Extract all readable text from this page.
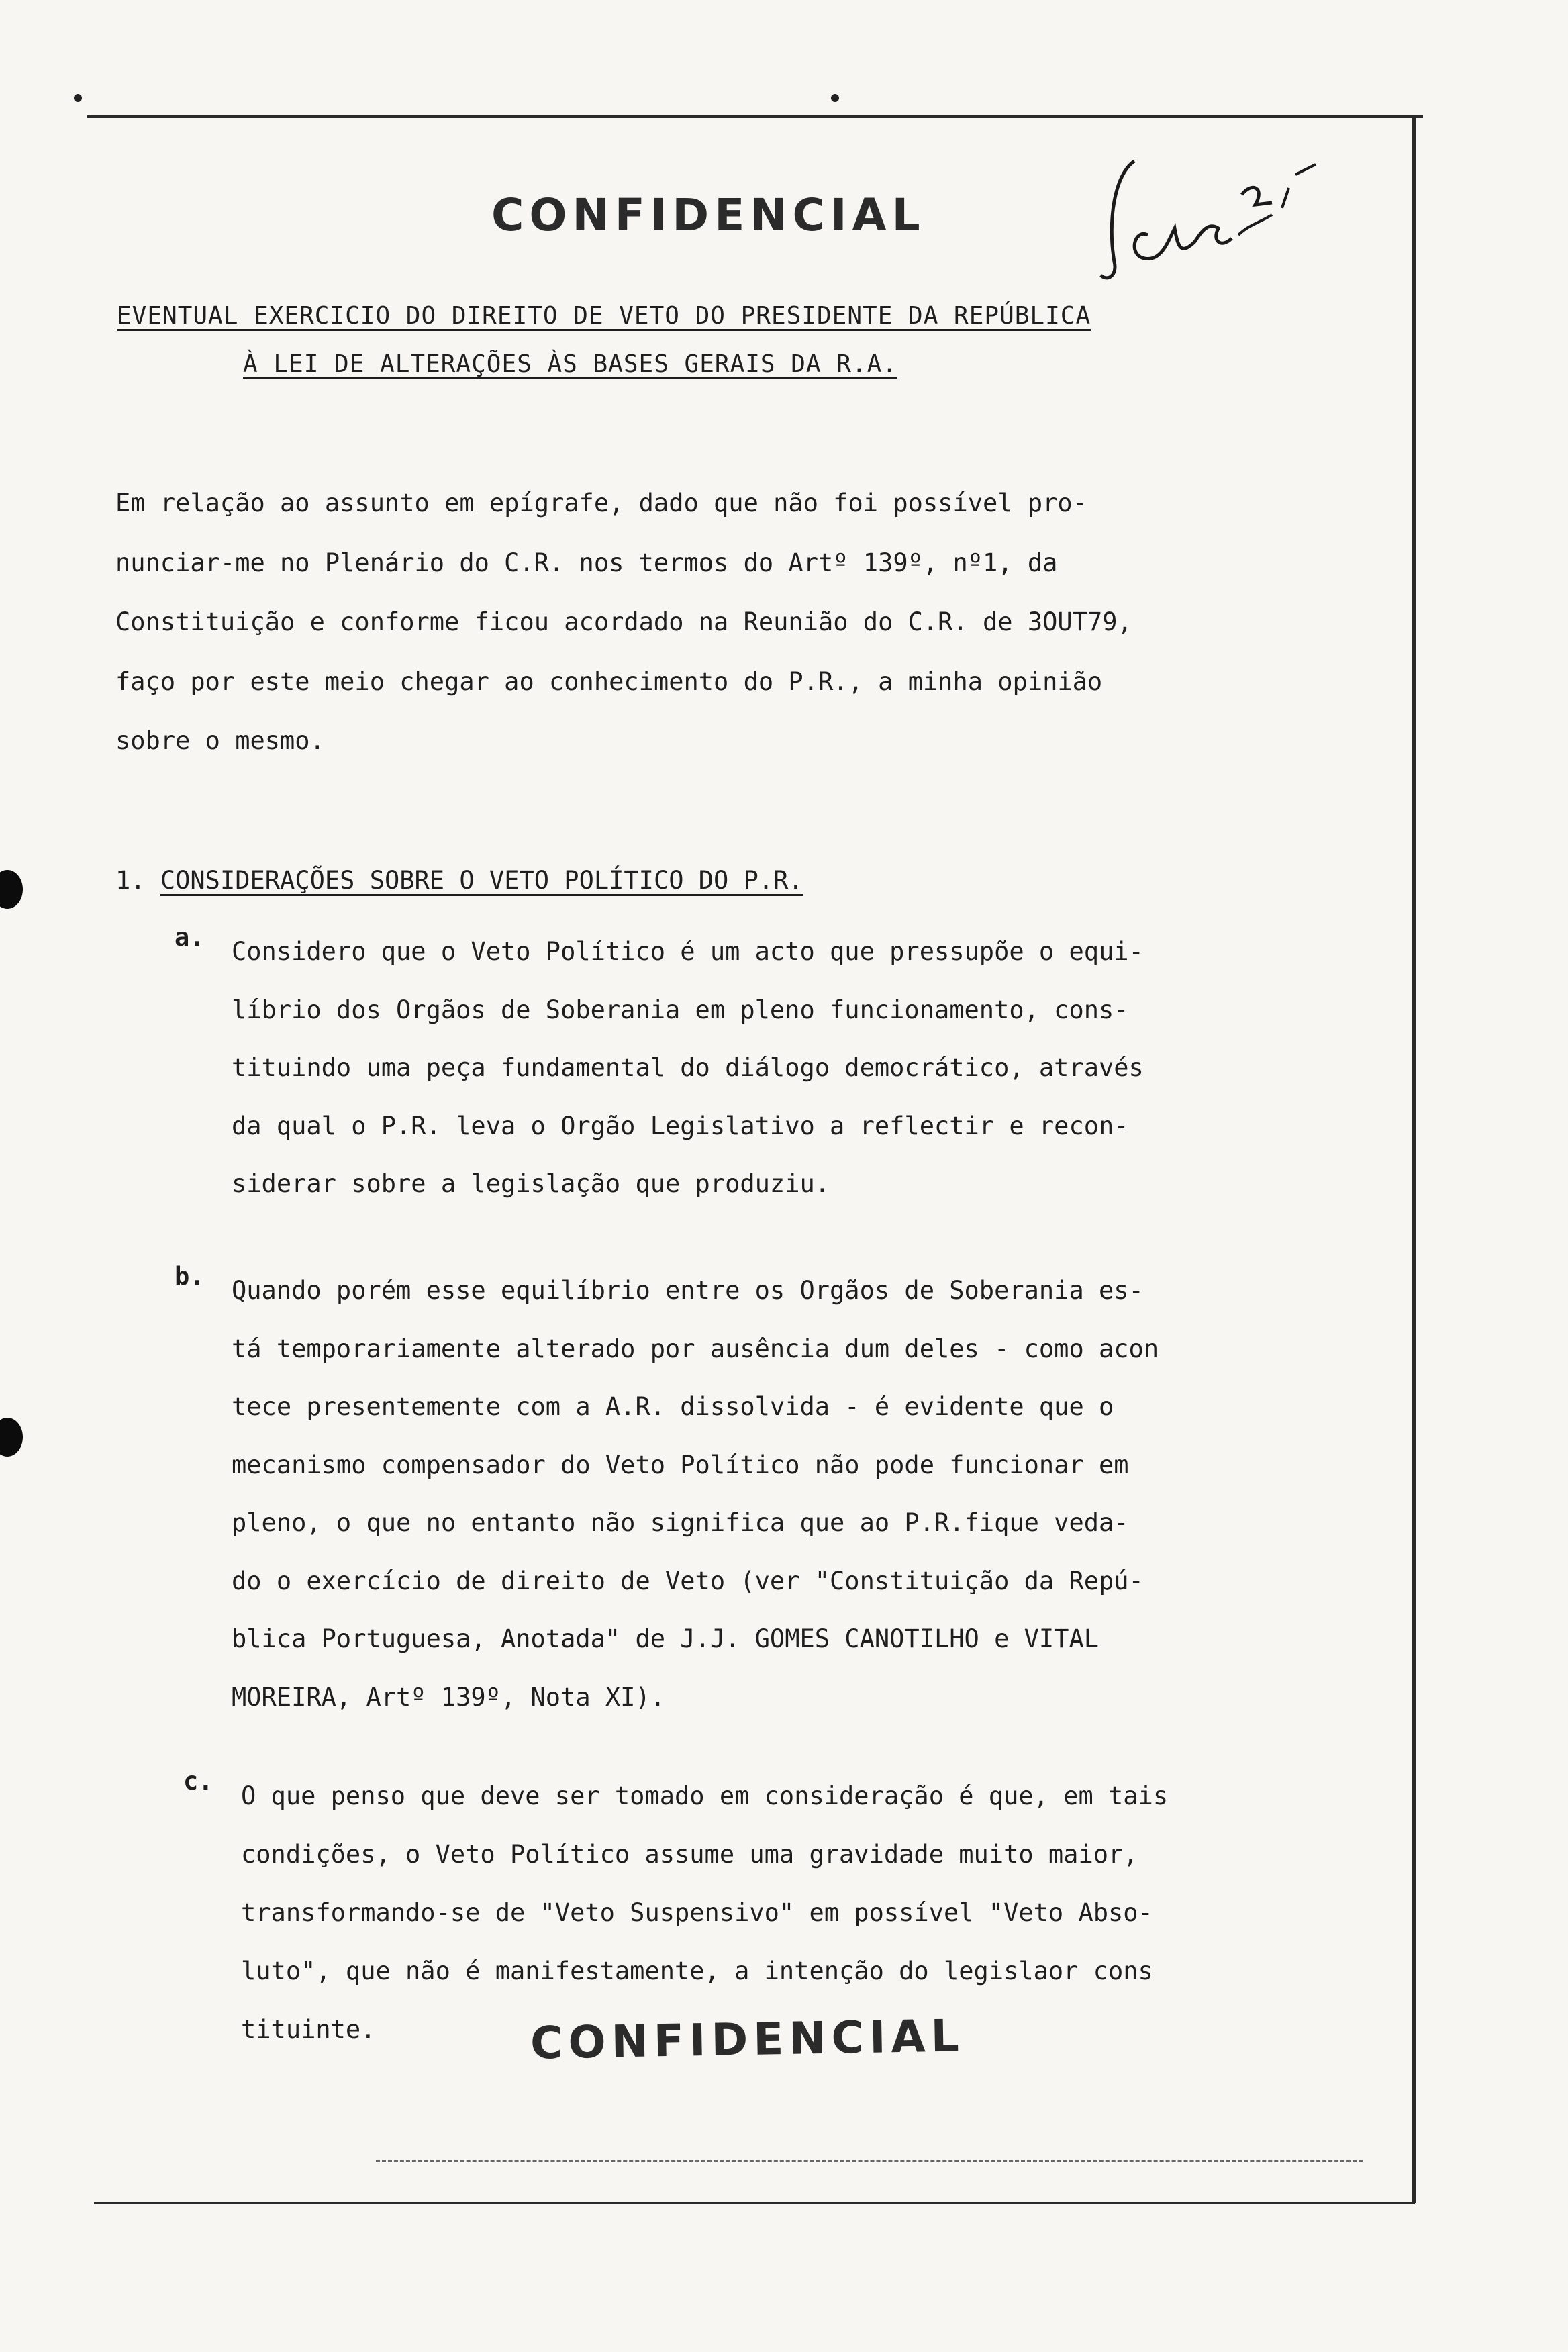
CONFIDENCIAL
EVENTUAL EXERCICIO DO DIREITO DE VETO DO PRESIDENTE DA REPÚBLICA
À LEI DE ALTERAÇÕES ÀS BASES GERAIS DA R.A.
Em relação ao assunto em epígrafe, dado que não foi possível pro-
nunciar-me no Plenário do C.R. nos termos do Artº 139º, nº1, da
Constituição e conforme ficou acordado na Reunião do C.R. de 3OUT79,
faço por este meio chegar ao conhecimento do P.R., a minha opinião
sobre o mesmo.
1. CONSIDERAÇÕES SOBRE O VETO POLÍTICO DO P.R.
a. Considero que o Veto Político é um acto que pressupõe o equi-
líbrio dos Orgãos de Soberania em pleno funcionamento, cons-
tituindo uma peça fundamental do diálogo democrático, através
da qual o P.R. leva o Orgão Legislativo a reflectir e recon-
siderar sobre a legislação que produziu.
b. Quando porém esse equilíbrio entre os Orgãos de Soberania es-
tá temporariamente alterado por ausência dum deles - como acon
tece presentemente com a A.R. dissolvida - é evidente que o
mecanismo compensador do Veto Político não pode funcionar em
pleno, o que no entanto não significa que ao P.R.fique veda-
do o exercício de direito de Veto (ver "Constituição da Repú-
blica Portuguesa, Anotada" de J.J. GOMES CANOTILHO e VITAL
MOREIRA, Artº 139º, Nota XI).
c.
O que penso que deve ser tomado em consideração é que, em tais
condições, o Veto Político assume uma gravidade muito maior,
transformando-se de "Veto Suspensivo" em possível "Veto Abso-
luto", que não é manifestamente, a intenção do legislaor cons
tituinte.	CONFIDENCIAL
